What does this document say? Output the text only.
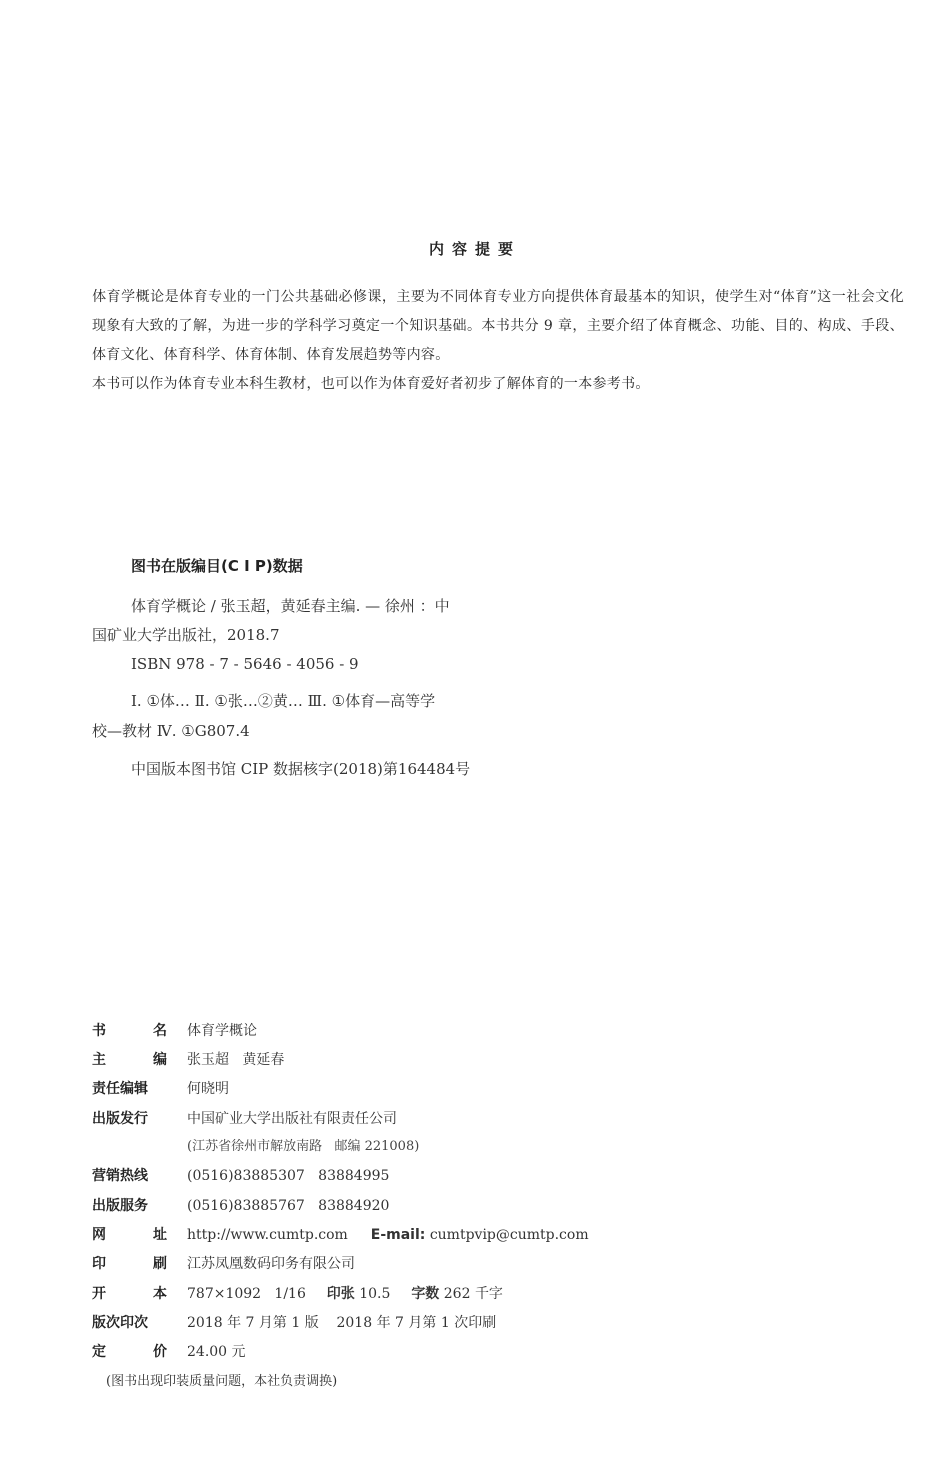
内容提要
体育学概论是体育专业的一门公共基础必修课，主要为不同体育专业方向提供体育最基本的知识，使学生对“体育”这一社会文化现象有大致的了解，为进一步的学科学习奠定一个知识基础。本书共分 9 章，主要介绍了体育概念、功能、目的、构成、手段、体育文化、体育科学、体育体制、体育发展趋势等内容。
本书可以作为体育专业本科生教材，也可以作为体育爱好者初步了解体育的一本参考书。
图书在版编目(C I P)数据
体育学概论 / 张玉超，黄延春主编. — 徐州 ：中
国矿业大学出版社，2018.7
ISBN 978 - 7 - 5646 - 4056 - 9
Ⅰ. ①体… Ⅱ. ①张…②黄… Ⅲ. ①体育—高等学
校—教材 Ⅳ. ①G807.4
中国版本图书馆 CIP 数据核字(2018)第164484号
书	名 体育学概论
主	编 张玉超   黄延春
责任编辑	何晓明
出版发行	中国矿业大学出版社有限责任公司
(江苏省徐州市解放南路   邮编 221008)
营销热线	(0516)83885307   83884995
出版服务	(0516)83885767   83884920
网	址 http://www.cumtp.com E-mail: cumtpvip@cumtp.com
印	刷 江苏凤凰数码印务有限公司
开	本 787×1092   1/16 印张 10.5 字数 262 千字
版次印次	2018 年 7 月第 1 版    2018 年 7 月第 1 次印刷
定	价 24.00 元
(图书出现印装质量问题，本社负责调换)
